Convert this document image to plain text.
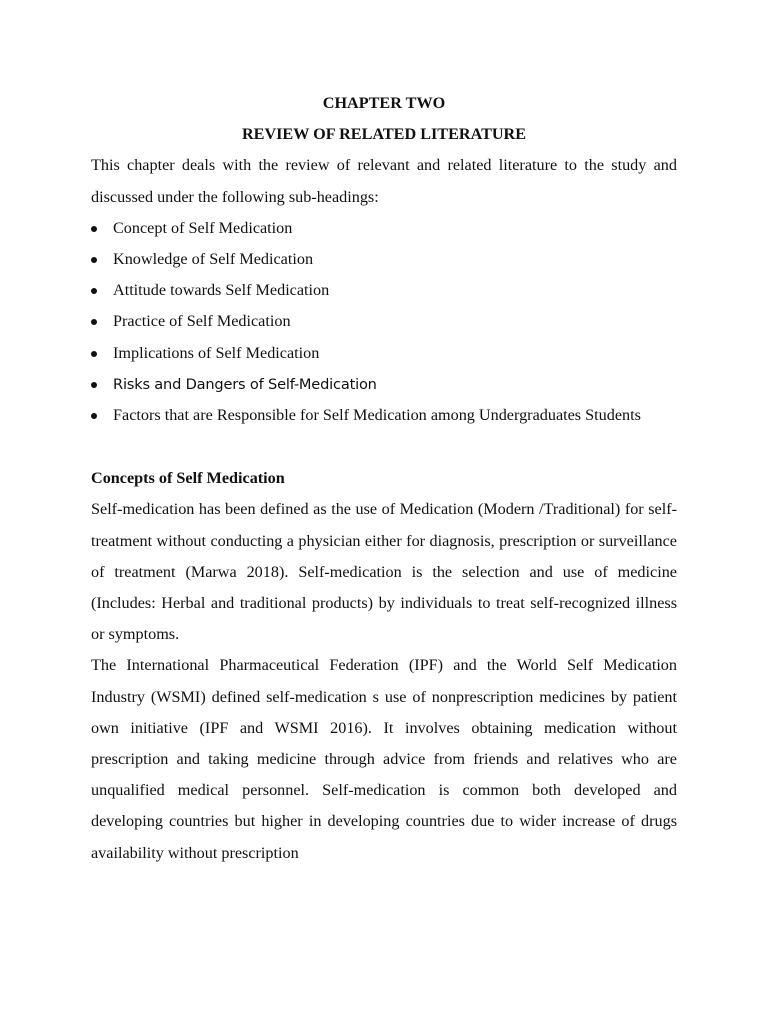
CHAPTER TWO

REVIEW OF RELATED LITERATURE

This chapter deals with the review of relevant and related literature to the study and discussed under the following sub-headings:

Concept of Self Medication
Knowledge of Self Medication
Attitude towards Self Medication
Practice of Self Medication
Implications of Self Medication
Risks and Dangers of Self-Medication
Factors that are Responsible for Self Medication among Undergraduates Students

Concepts of Self Medication

Self-medication has been defined as the use of Medication (Modern /Traditional) for self-treatment without conducting a physician either for diagnosis, prescription or surveillance of treatment (Marwa 2018). Self-medication is the selection and use of medicine (Includes: Herbal and traditional products) by individuals to treat self-recognized illness or symptoms.

The International Pharmaceutical Federation (IPF) and the World Self Medication Industry (WSMI) defined self-medication s use of nonprescription medicines by patient own initiative (IPF and WSMI 2016). It involves obtaining medication without prescription and taking medicine through advice from friends and relatives who are unqualified medical personnel. Self-medication is common both developed and developing countries but higher in developing countries due to wider increase of drugs availability without prescription
